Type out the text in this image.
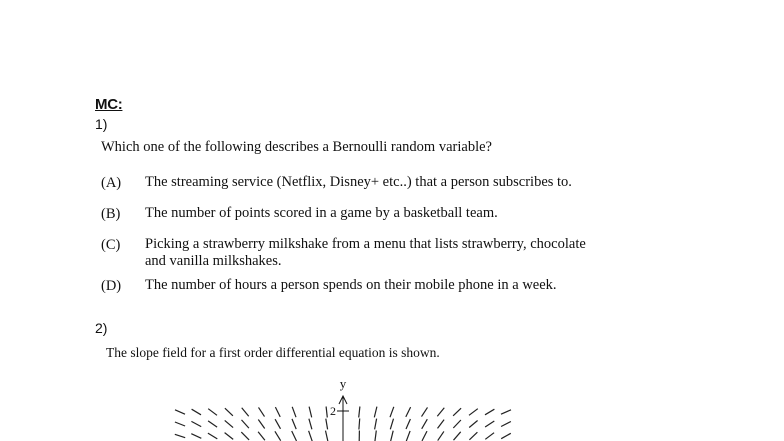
MC:
1)
Which one of the following describes a Bernoulli random variable?
(A) The streaming service (Netflix, Disney+ etc..) that a person subscribes to.
(B) The number of points scored in a game by a basketball team.
(C) Picking a strawberry milkshake from a menu that lists strawberry, chocolate
and vanilla milkshakes.
(D) The number of hours a person spends on their mobile phone in a week.
2)
The slope field for a first order differential equation is shown.
y
2
